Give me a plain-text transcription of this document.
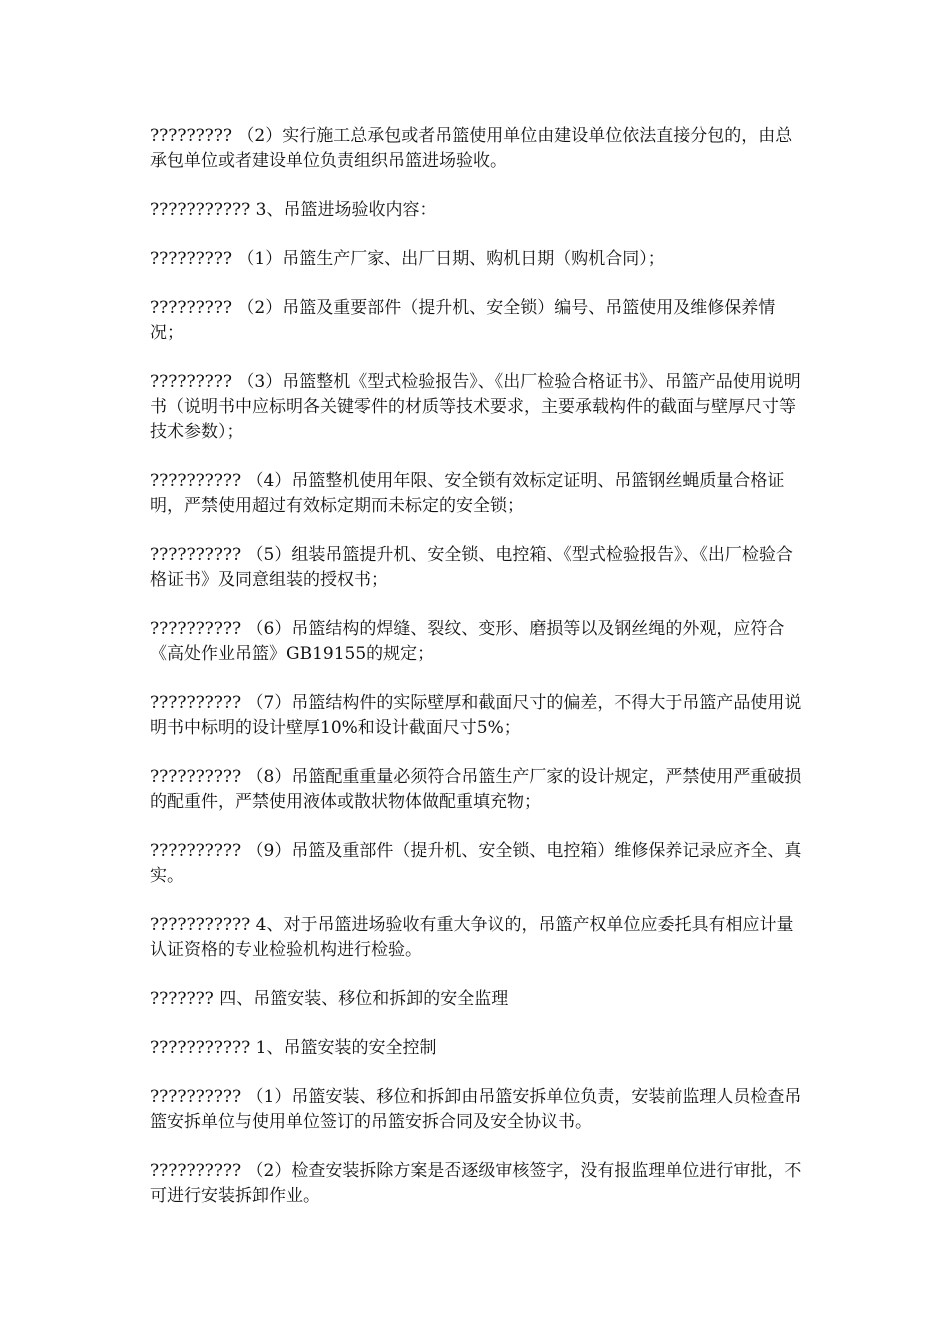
????????? （2）实行施工总承包或者吊篮使用单位由建设单位依法直接分包的，由总承包单位或者建设单位负责组织吊篮进场验收。

??????????? 3、吊篮进场验收内容：

????????? （1）吊篮生产厂家、出厂日期、购机日期（购机合同）；

????????? （2）吊篮及重要部件（提升机、安全锁）编号、吊篮使用及维修保养情况；

????????? （3）吊篮整机《型式检验报告》、《出厂检验合格证书》、吊篮产品使用说明书（说明书中应标明各关键零件的材质等技术要求，主要承载构件的截面与壁厚尺寸等技术参数）；

?????????? （4）吊篮整机使用年限、安全锁有效标定证明、吊篮钢丝蝇质量合格证明，严禁使用超过有效标定期而未标定的安全锁；

?????????? （5）组装吊篮提升机、安全锁、电控箱、《型式检验报告》、《出厂检验合格证书》及同意组装的授权书；

?????????? （6）吊篮结构的焊缝、裂纹、变形、磨损等以及钢丝绳的外观，应符合《高处作业吊篮》GB19155的规定；

?????????? （7）吊篮结构件的实际壁厚和截面尺寸的偏差，不得大于吊篮产品使用说明书中标明的设计壁厚10%和设计截面尺寸5%；

?????????? （8）吊篮配重重量必须符合吊篮生产厂家的设计规定，严禁使用严重破损的配重件，严禁使用液体或散状物体做配重填充物；

?????????? （9）吊篮及重部件（提升机、安全锁、电控箱）维修保养记录应齐全、真实。

??????????? 4、对于吊篮进场验收有重大争议的，吊篮产权单位应委托具有相应计量认证资格的专业检验机构进行检验。

??????? 四、吊篮安装、移位和拆卸的安全监理

??????????? 1、吊篮安装的安全控制

?????????? （1）吊篮安装、移位和拆卸由吊篮安拆单位负责，安装前监理人员检查吊篮安拆单位与使用单位签订的吊篮安拆合同及安全协议书。

?????????? （2）检查安装拆除方案是否逐级审核签字，没有报监理单位进行审批，不可进行安装拆卸作业。
